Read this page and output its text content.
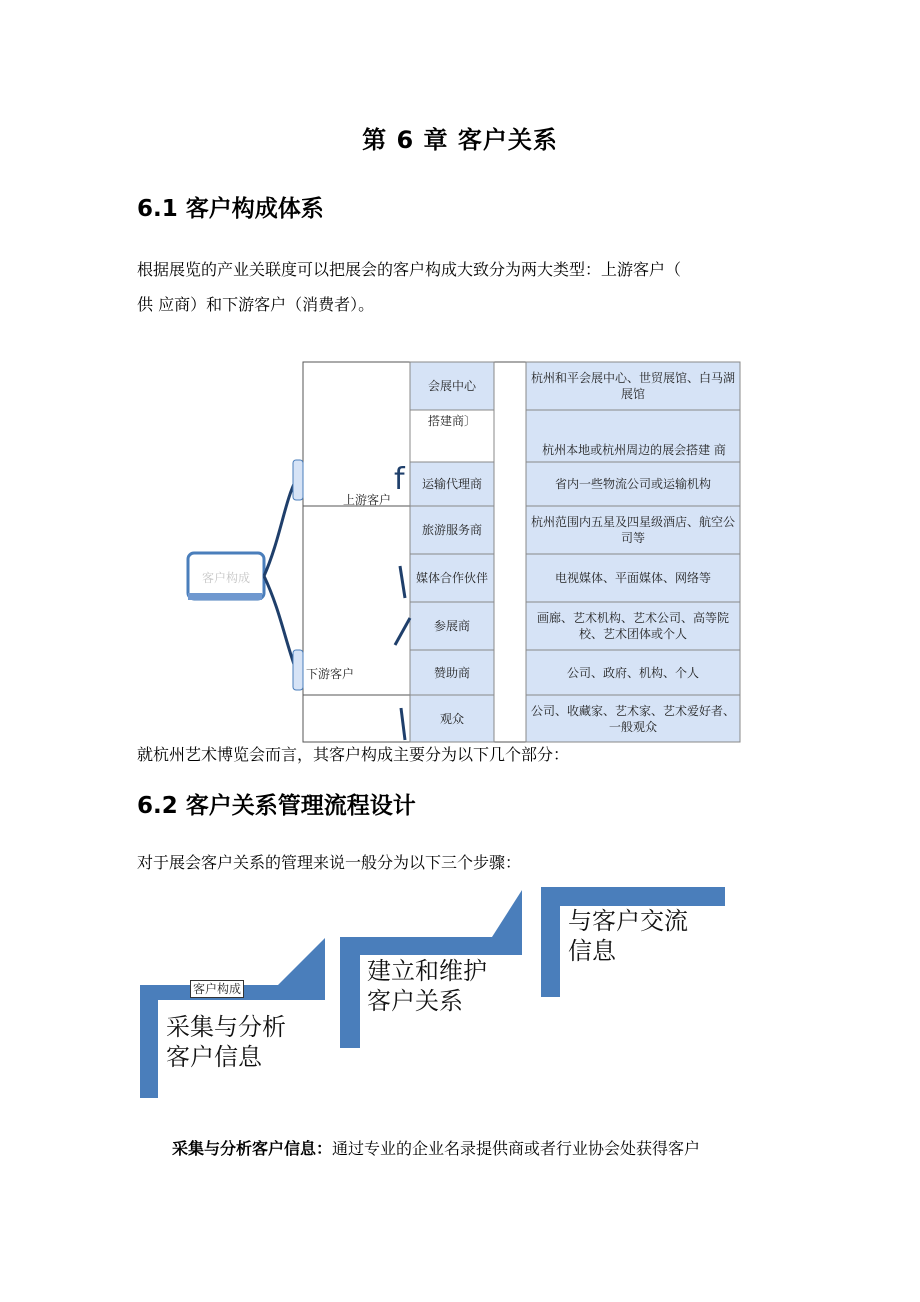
第 6 章 客户关系
6.1 客户构成体系
根据展览的产业关联度可以把展会的客户构成大致分为两大类型：上游客户（
供 应商）和下游客户（消费者）。
客户构成
上游客户
下游客户
f
会展中心
搭建商〕
运输代理商
旅游服务商
媒体合作伙伴
参展商
赞助商
观众
杭州和平会展中心、世贸展馆、白马湖展馆
杭州本地或杭州周边的展会搭建 商
省内一些物流公司或运输机构
杭州范围内五星及四星级酒店、航空公司等
电视媒体、平面媒体、网络等
画廊、艺术机构、艺术公司、高等院校、艺术团体或个人
公司、政府、机构、个人
公司、收藏家、艺术家、艺术爱好者、一般观众
就杭州艺术博览会而言，其客户构成主要分为以下几个部分：
6.2 客户关系管理流程设计
对于展会客户关系的管理来说一般分为以下三个步骤：
采集与分析
客户信息
建立和维护
客户关系
与客户交流
信息
客户构成
采集与分析客户信息：通过专业的企业名录提供商或者行业协会处获得客户
